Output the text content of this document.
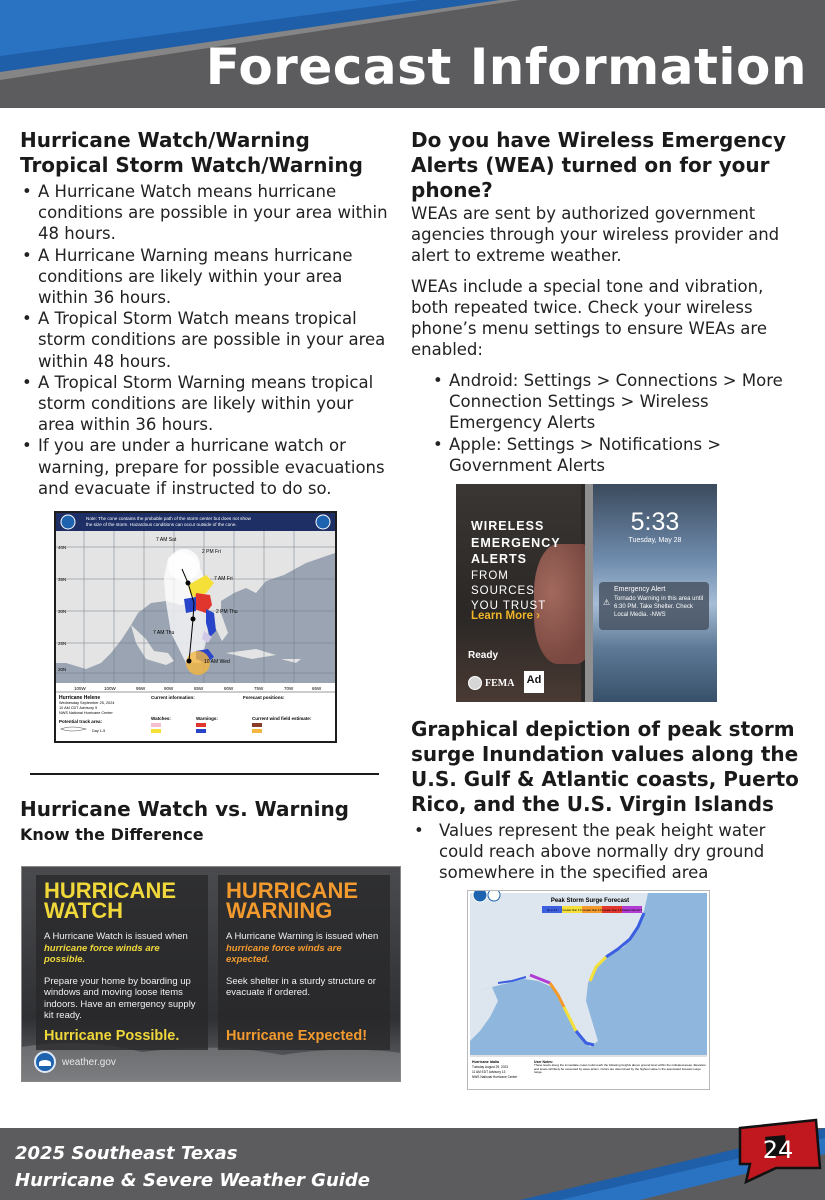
Forecast Information
Hurricane Watch/Warning
Tropical Storm Watch/Warning
• A Hurricane Watch means hurricane conditions are possible in your area within 48 hours.
• A Hurricane Warning means hurricane conditions are likely within your area within 36 hours.
• A Tropical Storm Watch means tropical storm conditions are possible in your area within 48 hours.
• A Tropical Storm Warning means tropical storm conditions are likely within your area within 36 hours.
• If you are under a hurricane watch or warning, prepare for possible evacuations and evacuate if instructed to do so.
Note: The cone contains the probable path of the storm center but does not show the size of the storm. Hazardous conditions can occur outside of the cone.
7 AM Sat
2 PM Fri
7 AM Fri
2 PM Thu
7 AM Thu
10 AM Wed
40N
35N
30N
25N
20N
105W	100W	95W	90W	85W	80W	75W	70W	65W
Hurricane Helene
Wednesday September 25, 2024
10 AM CDT Advisory 9
NWS National Hurricane Center
Current information:	Forecast positions:
Potential track area:
Day 1-5
Watches:	Warnings:	Current wind field estimate:
Hurricane Watch vs. Warning
Know the Difference
HURRICANE
WATCH
A Hurricane Watch is issued when hurricane force winds are possible.
Prepare your home by boarding up windows and moving loose items indoors. Have an emergency supply kit ready.
Hurricane Possible.
HURRICANE
WARNING
A Hurricane Warning is issued when hurricane force winds are expected.
Seek shelter in a sturdy structure or evacuate if ordered.
Hurricane Expected!
weather.gov
Do you have Wireless Emergency Alerts (WEA) turned on for your phone?

WEAs are sent by authorized government agencies through your wireless provider and alert to extreme weather.

WEAs include a special tone and vibration, both repeated twice. Check your wireless phone’s menu settings to ensure WEAs are enabled:

• Android: Settings > Connections > More Connection Settings > Wireless Emergency Alerts
• Apple: Settings > Notifications > Government Alerts
WIRELESS
EMERGENCY
ALERTS
FROM
SOURCES
YOU TRUST
Learn More ›
Ready
FEMA Ad
5:33
Tuesday, May 28
⚠
Emergency Alert
Tornado Warning in this area until 6:30 PM. Take Shelter. Check Local Media. -NWS
Graphical depiction of peak storm surge Inundation values along the U.S. Gulf & Atlantic coasts, Puerto Rico, and the U.S. Virgin Islands
• Values represent the peak height water could reach above normally dry ground somewhere in the specified area
Peak Storm Surge Forecast
Up to 3 ft Greater than 3 ft Greater than 6 ft Greater than 9 ft Greater than 12 ft
Hurricane Idalia
Tuesday August 29, 2023
11 AM EDT Advisory 13
NWS National Hurricane Center
User Notes:
These levels along the immediate coast could reach the following heights above ground level within the indicated areas. Elevation and levels will likely be exceeded by wave action. Colors are determined by the highest value in the associated forecast surge range.
2025 Southeast Texas
Hurricane & Severe Weather Guide
24
